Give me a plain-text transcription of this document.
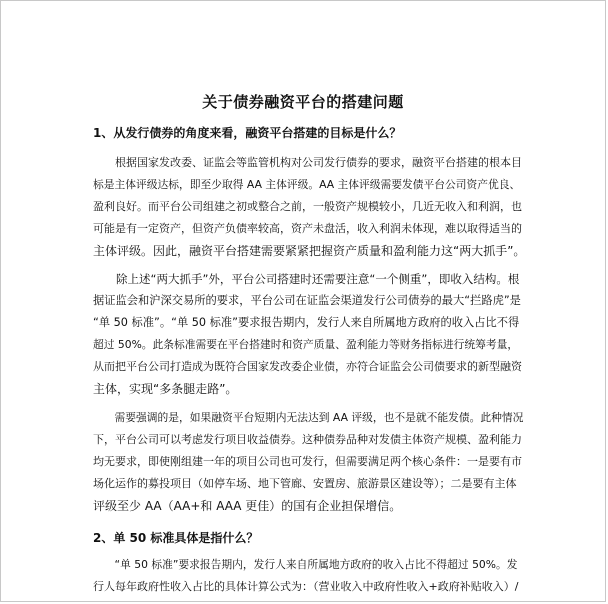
关于债券融资平台的搭建问题
1、从发行债券的角度来看，融资平台搭建的目标是什么？
根据国家发改委、证监会等监管机构对公司发行债券的要求，融资平台搭建的根本目
标是主体评级达标，即至少取得 AA 主体评级。AA 主体评级需要发债平台公司资产优良、
盈利良好。而平台公司组建之初或整合之前，一般资产规模较小，几近无收入和利润，也
可能是有一定资产，但资产负债率较高，资产未盘活，收入利润未体现，难以取得适当的
主体评级。因此，融资平台搭建需要紧紧把握资产质量和盈利能力这“两大抓手”。
除上述“两大抓手”外，平台公司搭建时还需要注意“一个侧重”，即收入结构。根
据证监会和沪深交易所的要求，平台公司在证监会渠道发行公司债券的最大“拦路虎”是
“单 50 标准”。“单 50 标准”要求报告期内，发行人来自所属地方政府的收入占比不得
超过 50%。此条标准需要在平台搭建时和资产质量、盈利能力等财务指标进行统筹考量，
从而把平台公司打造成为既符合国家发改委企业债，亦符合证监会公司债要求的新型融资
主体，实现“多条腿走路”。
需要强调的是，如果融资平台短期内无法达到 AA 评级，也不是就不能发债。此种情况
下，平台公司可以考虑发行项目收益债券。这种债券品种对发债主体资产规模、盈利能力
均无要求，即使刚组建一年的项目公司也可发行，但需要满足两个核心条件：一是要有市
场化运作的募投项目（如停车场、地下管廊、安置房、旅游景区建设等）；二是要有主体
评级至少 AA（AA+和 AAA 更佳）的国有企业担保增信。
2、单 50 标准具体是指什么？
“单 50 标准”要求报告期内，发行人来自所属地方政府的收入占比不得超过 50%。发
行人每年政府性收入占比的具体计算公式为：（营业收入中政府性收入+政府补贴收入）/
